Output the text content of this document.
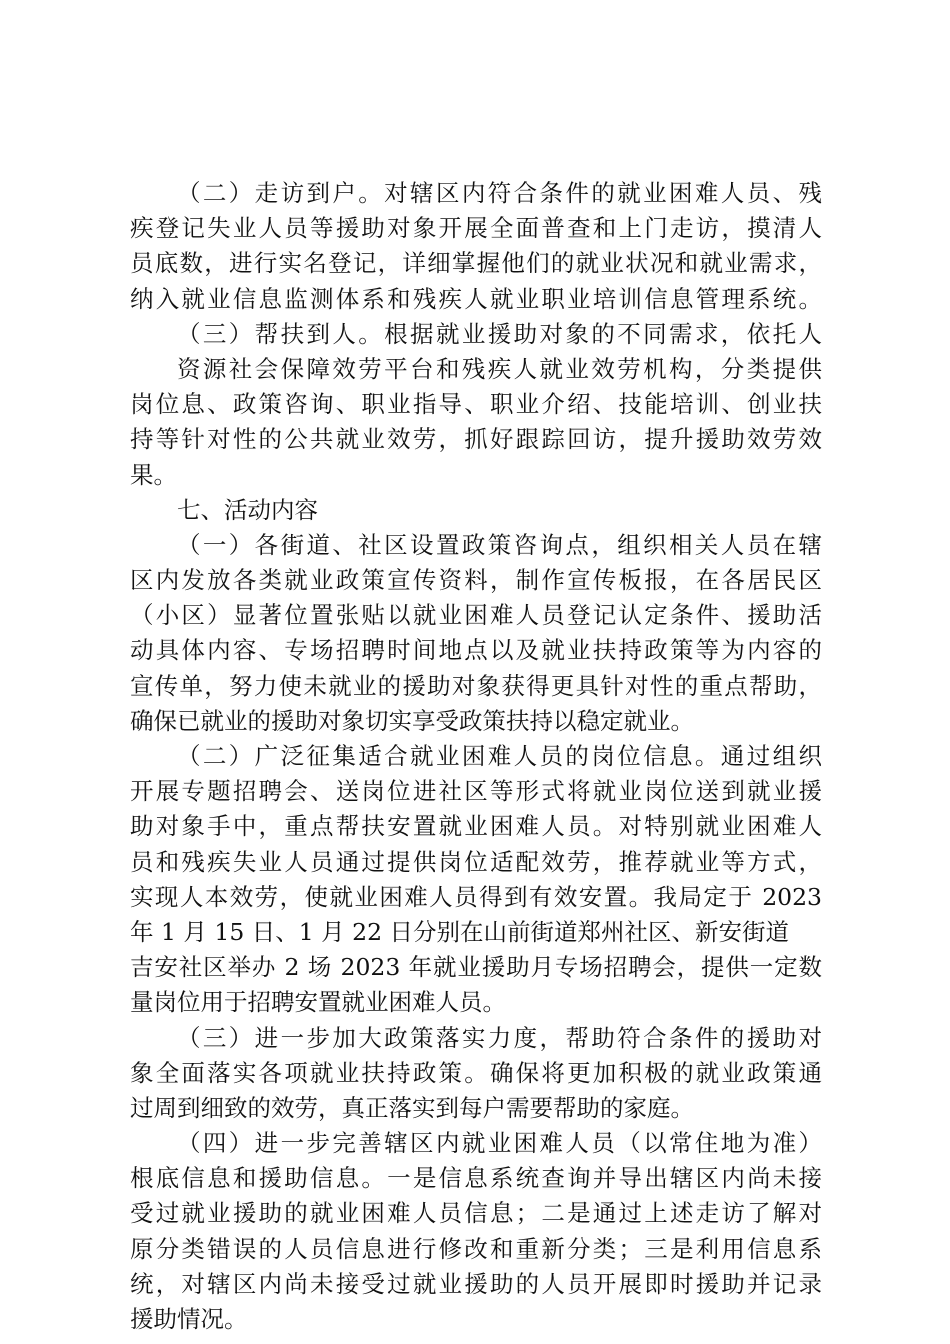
（二）走访到户。对辖区内符合条件的就业困难人员、残
疾登记失业人员等援助对象开展全面普查和上门走访，摸清人
员底数，进行实名登记，详细掌握他们的就业状况和就业需求，
纳入就业信息监测体系和残疾人就业职业培训信息管理系统。
（三）帮扶到人。根据就业援助对象的不同需求，依托人
资源社会保障效劳平台和残疾人就业效劳机构，分类提供
岗位息、政策咨询、职业指导、职业介绍、技能培训、创业扶
持等针对性的公共就业效劳，抓好跟踪回访，提升援助效劳效
果。
七、活动内容
（一）各街道、社区设置政策咨询点，组织相关人员在辖
区内发放各类就业政策宣传资料，制作宣传板报，在各居民区
（小区）显著位置张贴以就业困难人员登记认定条件、援助活
动具体内容、专场招聘时间地点以及就业扶持政策等为内容的
宣传单，努力使未就业的援助对象获得更具针对性的重点帮助，
确保已就业的援助对象切实享受政策扶持以稳定就业。
（二）广泛征集适合就业困难人员的岗位信息。通过组织
开展专题招聘会、送岗位进社区等形式将就业岗位送到就业援
助对象手中，重点帮扶安置就业困难人员。对特别就业困难人
员和残疾失业人员通过提供岗位适配效劳，推荐就业等方式，
实现人本效劳，使就业困难人员得到有效安置。我局定于 2023
年 1 月 15 日、1 月 22 日分别在山前街道郑州社区、新安街道
吉安社区举办 2 场 2023 年就业援助月专场招聘会，提供一定数
量岗位用于招聘安置就业困难人员。
（三）进一步加大政策落实力度，帮助符合条件的援助对
象全面落实各项就业扶持政策。确保将更加积极的就业政策通
过周到细致的效劳，真正落实到每户需要帮助的家庭。
（四）进一步完善辖区内就业困难人员（以常住地为准）
根底信息和援助信息。一是信息系统查询并导出辖区内尚未接
受过就业援助的就业困难人员信息；二是通过上述走访了解对
原分类错误的人员信息进行修改和重新分类；三是利用信息系
统，对辖区内尚未接受过就业援助的人员开展即时援助并记录
援助情况。
